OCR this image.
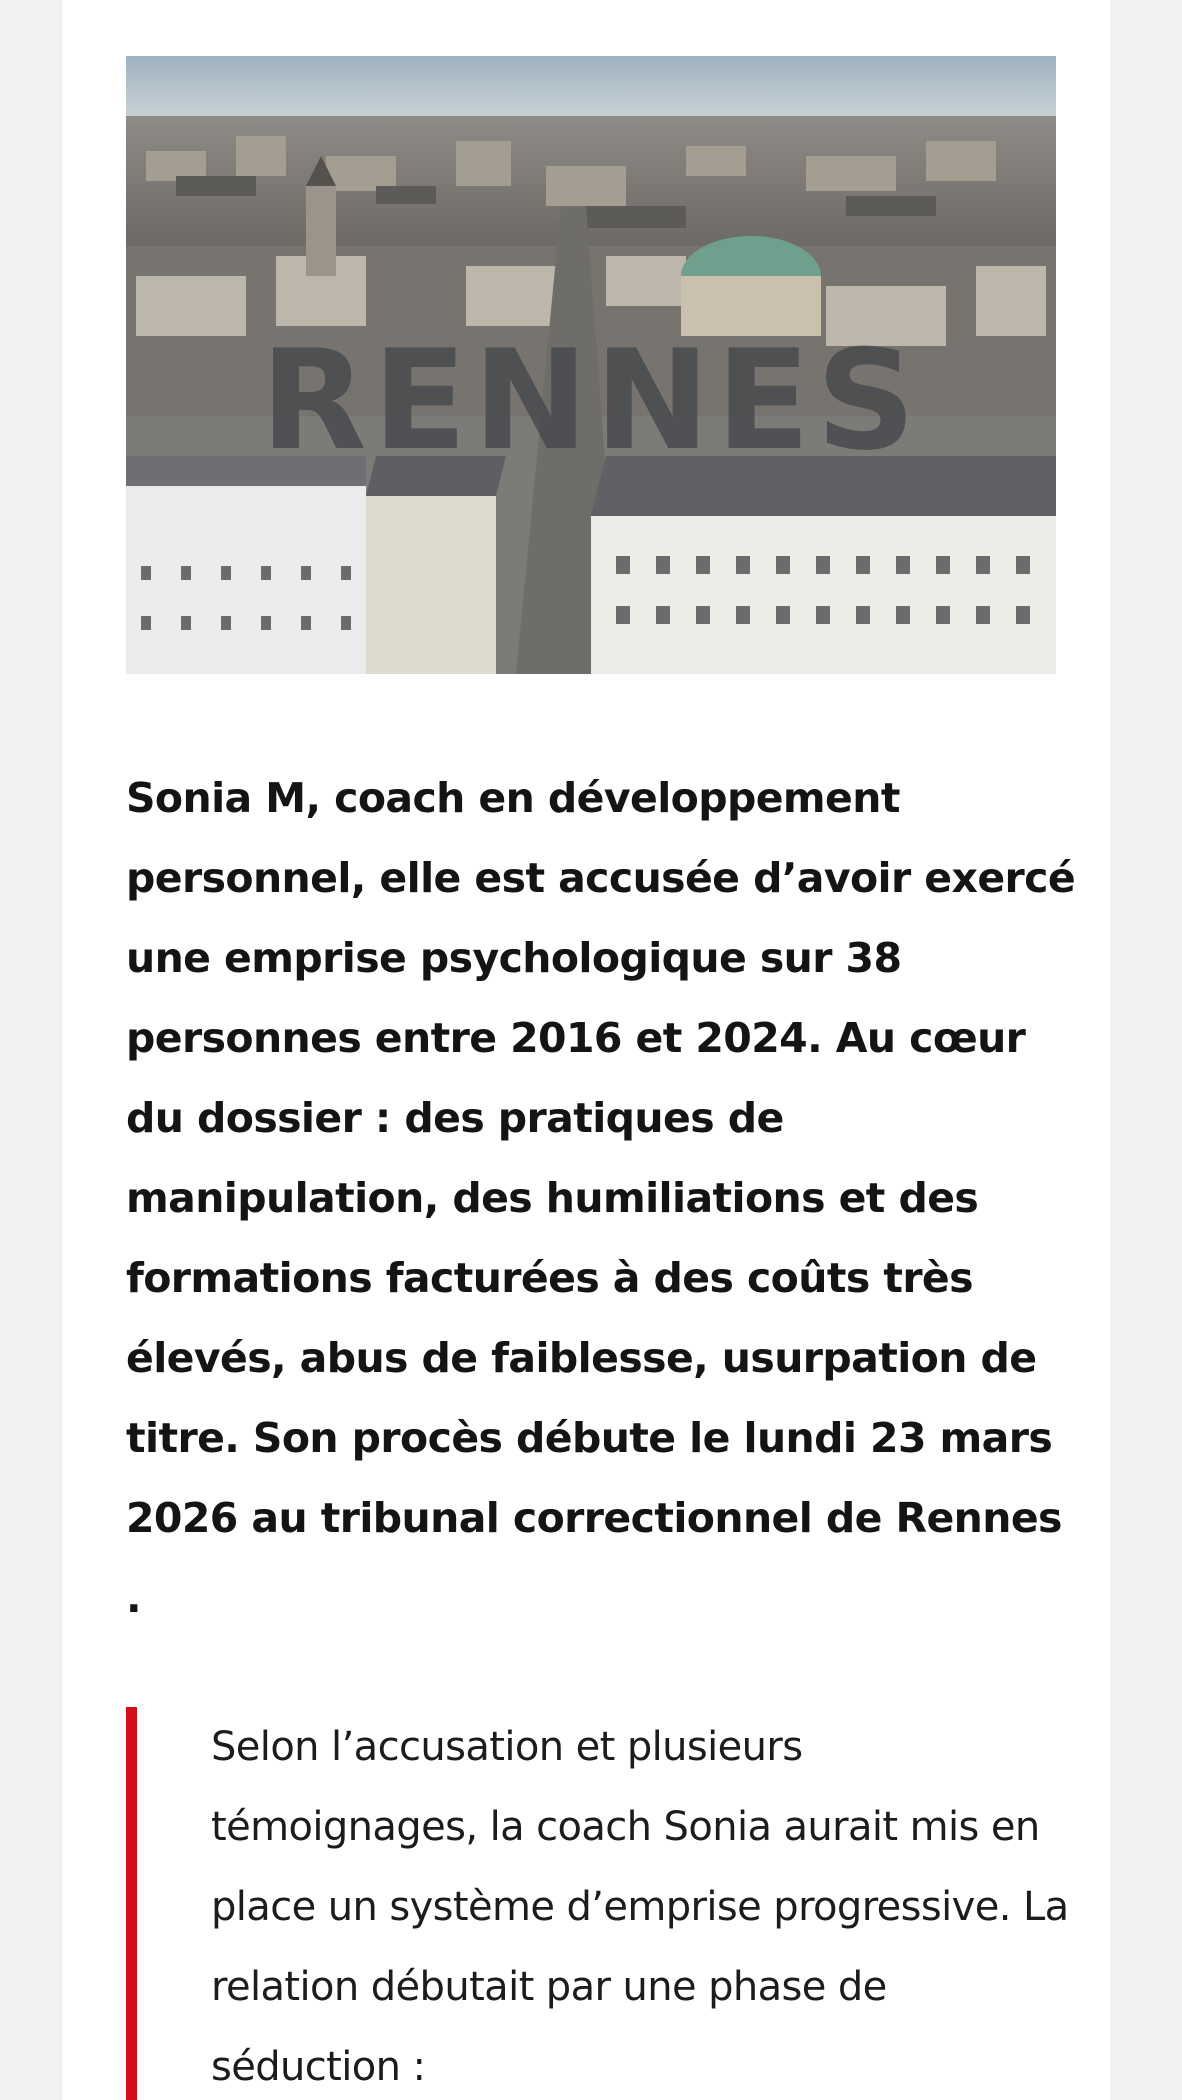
RENNES

Sonia M, coach en développement personnel, elle est accusée d’avoir exercé une emprise psychologique sur 38 personnes entre 2016 et 2024. Au cœur du dossier : des pratiques de manipulation, des humiliations et des formations facturées à des coûts très élevés, abus de faiblesse, usurpation de titre. Son procès débute le lundi 23 mars 2026 au tribunal correctionnel de Rennes .

Selon l’accusation et plusieurs témoignages, la coach Sonia aurait mis en place un système d’emprise progressive. La relation débutait par une phase de séduction :
